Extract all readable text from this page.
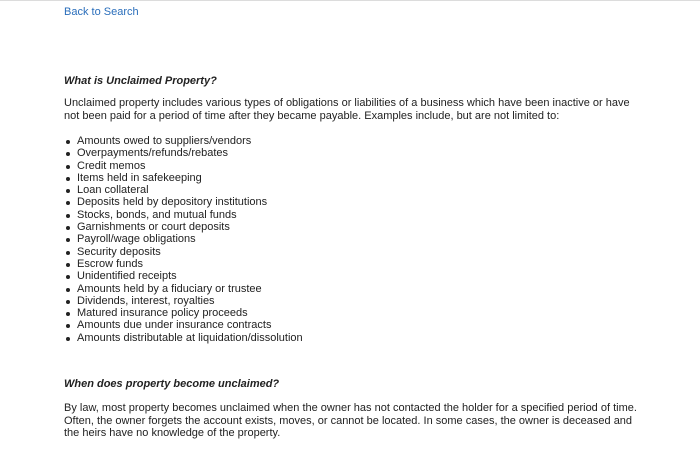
Back to Search
What is Unclaimed Property?

Unclaimed property includes various types of obligations or liabilities of a business which have been inactive or have not been paid for a period of time after they became payable. Examples include, but are not limited to:

Amounts owed to suppliers/vendors
Overpayments/refunds/rebates
Credit memos
Items held in safekeeping
Loan collateral
Deposits held by depository institutions
Stocks, bonds, and mutual funds
Garnishments or court deposits
Payroll/wage obligations
Security deposits
Escrow funds
Unidentified receipts
Amounts held by a fiduciary or trustee
Dividends, interest, royalties
Matured insurance policy proceeds
Amounts due under insurance contracts
Amounts distributable at liquidation/dissolution
When does property become unclaimed?

By law, most property becomes unclaimed when the owner has not contacted the holder for a specified period of time. Often, the owner forgets the account exists, moves, or cannot be located. In some cases, the owner is deceased and the heirs have no knowledge of the property.
